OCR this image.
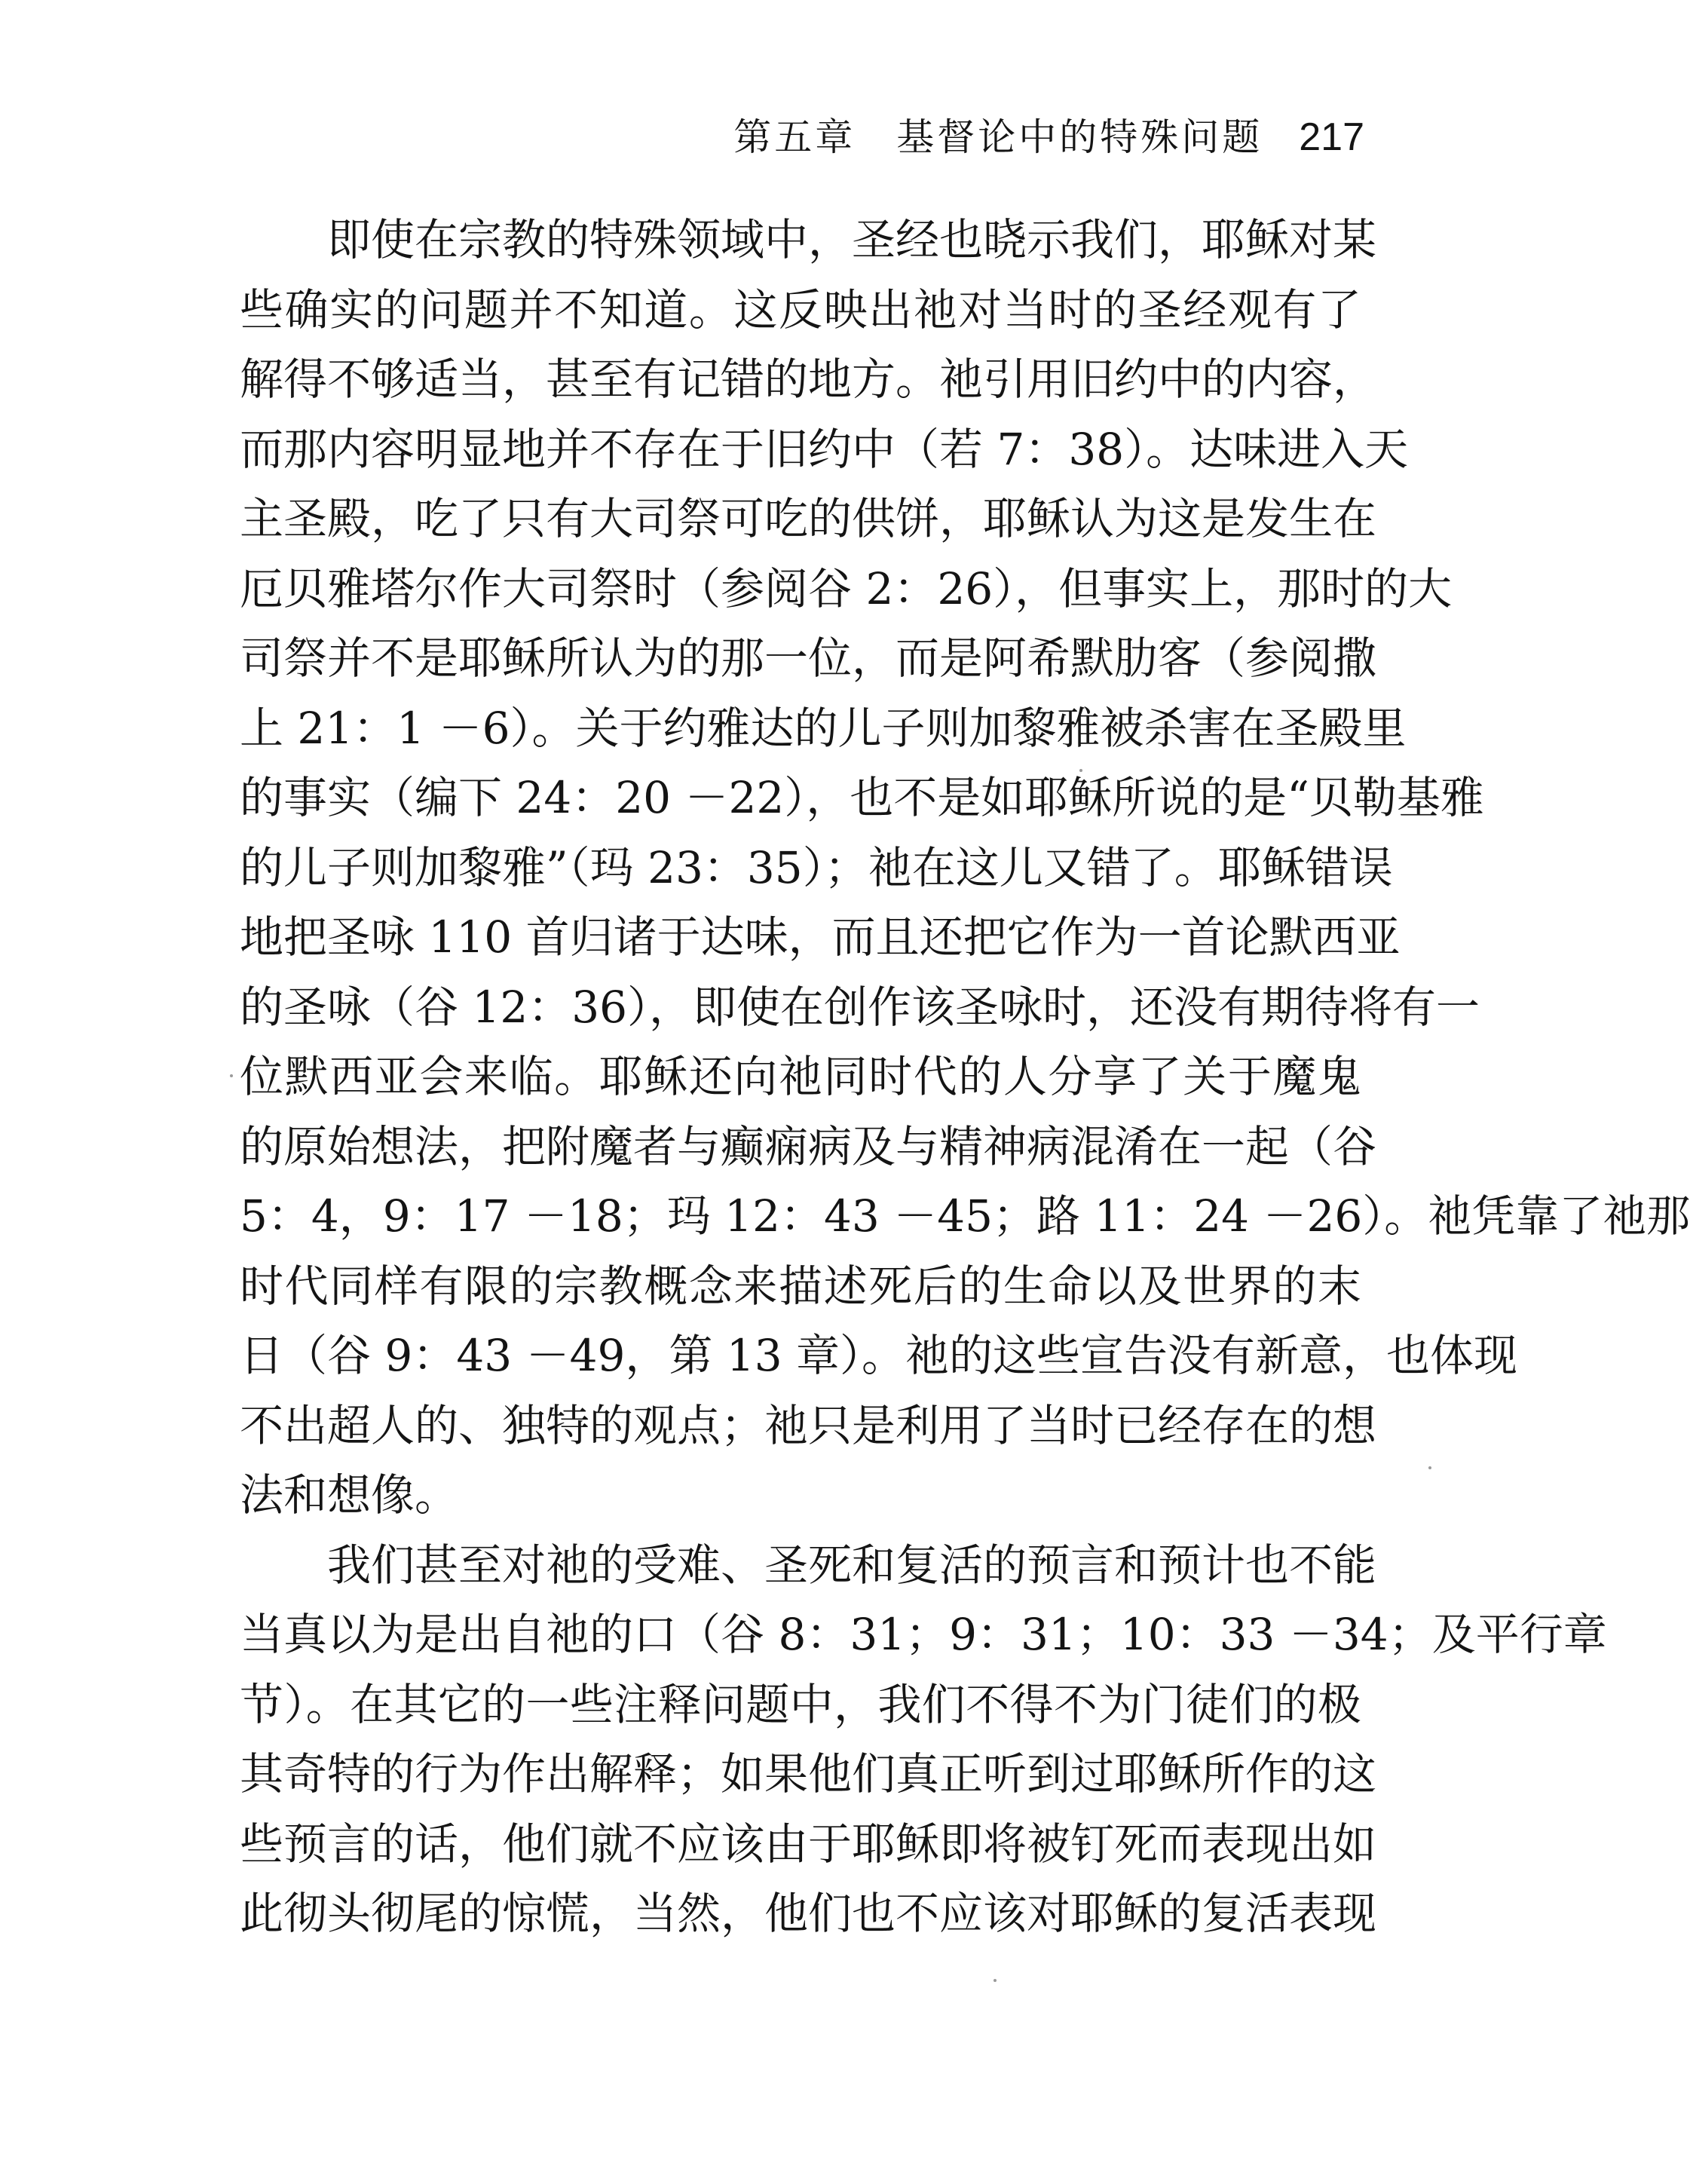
第五章　基督论中的特殊问题 217
即使在宗教的特殊领域中，圣经也晓示我们，耶稣对某
些确实的问题并不知道。这反映出祂对当时的圣经观有了
解得不够适当，甚至有记错的地方。祂引用旧约中的内容，
而那内容明显地并不存在于旧约中（若 7：38）。达味进入天
主圣殿，吃了只有大司祭可吃的供饼，耶稣认为这是发生在
厄贝雅塔尔作大司祭时（参阅谷 2：26），但事实上，那时的大
司祭并不是耶稣所认为的那一位，而是阿希默肋客（参阅撒
上 21：1 －6）。关于约雅达的儿子则加黎雅被杀害在圣殿里
的事实（编下 24：20 －22），也不是如耶稣所说的是“贝勒基雅
的儿子则加黎雅”（玛 23：35）；祂在这儿又错了。耶稣错误
地把圣咏 110 首归诸于达味，而且还把它作为一首论默西亚
的圣咏（谷 12：36），即使在创作该圣咏时，还没有期待将有一
位默西亚会来临。耶稣还向祂同时代的人分享了关于魔鬼
的原始想法，把附魔者与癫痫病及与精神病混淆在一起（谷
5：4，9：17 －18；玛 12：43 －45；路 11：24 －26）。祂凭靠了祂那
时代同样有限的宗教概念来描述死后的生命以及世界的末
日（谷 9：43 －49，第 13 章）。祂的这些宣告没有新意，也体现
不出超人的、独特的观点；祂只是利用了当时已经存在的想
法和想像。
我们甚至对祂的受难、圣死和复活的预言和预计也不能
当真以为是出自祂的口（谷 8：31；9：31；10：33 －34；及平行章
节）。在其它的一些注释问题中，我们不得不为门徒们的极
其奇特的行为作出解释；如果他们真正听到过耶稣所作的这
些预言的话，他们就不应该由于耶稣即将被钉死而表现出如
此彻头彻尾的惊慌，当然，他们也不应该对耶稣的复活表现
